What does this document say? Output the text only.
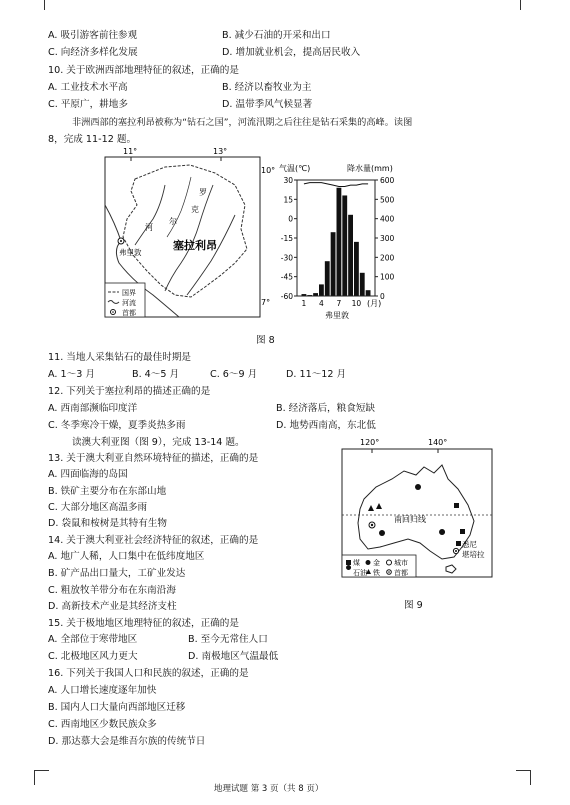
A. 吸引游客前往参观	B. 减少石油的开采和出口
C. 向经济多样化发展	D. 增加就业机会，提高居民收入
10. 关于欧洲西部地理特征的叙述，正确的是
A. 工业技术水平高	B. 经济以畜牧业为主
C. 平原广，耕地多	D. 温带季风气候显著
非洲西部的塞拉利昂被称为“钻石之国”，河流汛期之后往往是钻石采集的高峰。读图
8，完成 11-12 题。
11°	13°
罗
克
尔
河
弗里敦
塞拉利昂
国界
河流
首都
10°
7°
气温(℃)	降水量(mm)
30
15
0
-15
-30
-45
-60
600
500
400
300
200
100
0
1 4 7 10 (月)
弗里敦
图 8
11. 当地人采集钻石的最佳时期是
A. 1～3 月	B. 4～5 月	C. 6～9 月	D. 11～12 月
12. 下列关于塞拉利昂的描述正确的是
A. 西南部濒临印度洋	B. 经济落后，粮食短缺
C. 冬季寒冷干燥，夏季炎热多雨	D. 地势西南高，东北低
读澳大利亚图（图 9），完成 13-14 题。
13. 关于澳大利亚自然环境特征的描述，正确的是
A. 四面临海的岛国
B. 铁矿主要分布在东部山地
C. 大部分地区高温多雨
D. 袋鼠和桉树是其特有生物
14. 关于澳大利亚社会经济特征的叙述，正确的是
A. 地广人稀，人口集中在低纬度地区
B. 矿产品出口量大，工矿业发达
C. 粗放牧羊带分布在东南沿海
D. 高新技术产业是其经济支柱
120°	140°
南回归线
悉尼
堪培拉
煤 金 城市
石油 铁 首都
图 9
15. 关于极地地区地理特征的叙述，正确的是
A. 全部位于寒带地区	B. 至今无常住人口
C. 北极地区风力更大	D. 南极地区气温最低
16. 下列关于我国人口和民族的叙述，正确的是
A. 人口增长速度逐年加快
B. 国内人口大量向西部地区迁移
C. 西南地区少数民族众多
D. 那达慕大会是维吾尔族的传统节日
地理试题 第 3 页（共 8 页）
